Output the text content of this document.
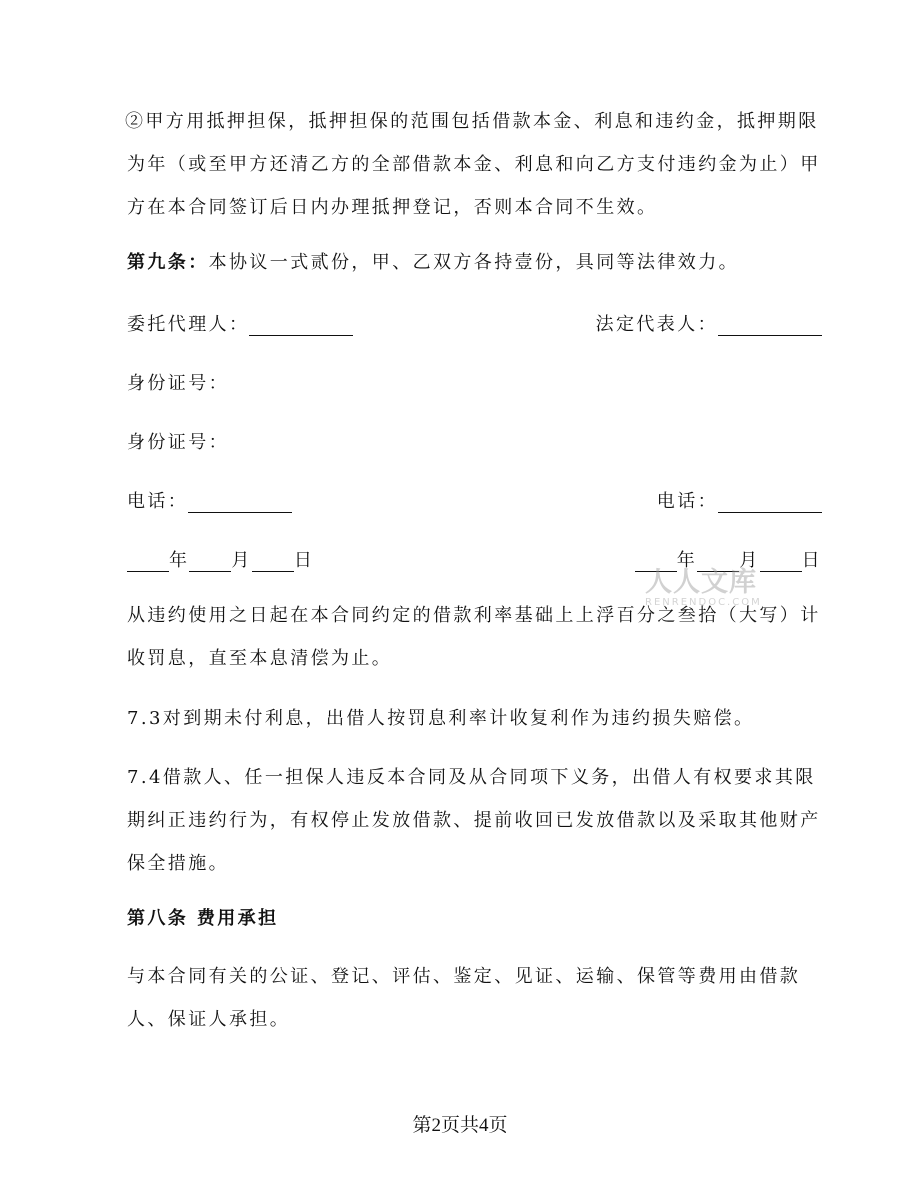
②甲方用抵押担保，抵押担保的范围包括借款本金、利息和违约金，抵押期限为年（或至甲方还清乙方的全部借款本金、利息和向乙方支付违约金为止）甲方在本合同签订后日内办理抵押登记，否则本合同不生效。

第九条：本协议一式贰份，甲、乙双方各持壹份，具同等法律效力。

委托代理人：	法定代表人：
身份证号：
身份证号：
电话：	电话：
年 月 日	年 月 日
人人文库
RENRENDOC.COM

从违约使用之日起在本合同约定的借款利率基础上上浮百分之叁拾（大写）计收罚息，直至本息清偿为止。

7.3对到期未付利息，出借人按罚息利率计收复利作为违约损失赔偿。

7.4借款人、任一担保人违反本合同及从合同项下义务，出借人有权要求其限期纠正违约行为，有权停止发放借款、提前收回已发放借款以及采取其他财产保全措施。

第八条 费用承担

与本合同有关的公证、登记、评估、鉴定、见证、运输、保管等费用由借款人、保证人承担。

第2页共4页
